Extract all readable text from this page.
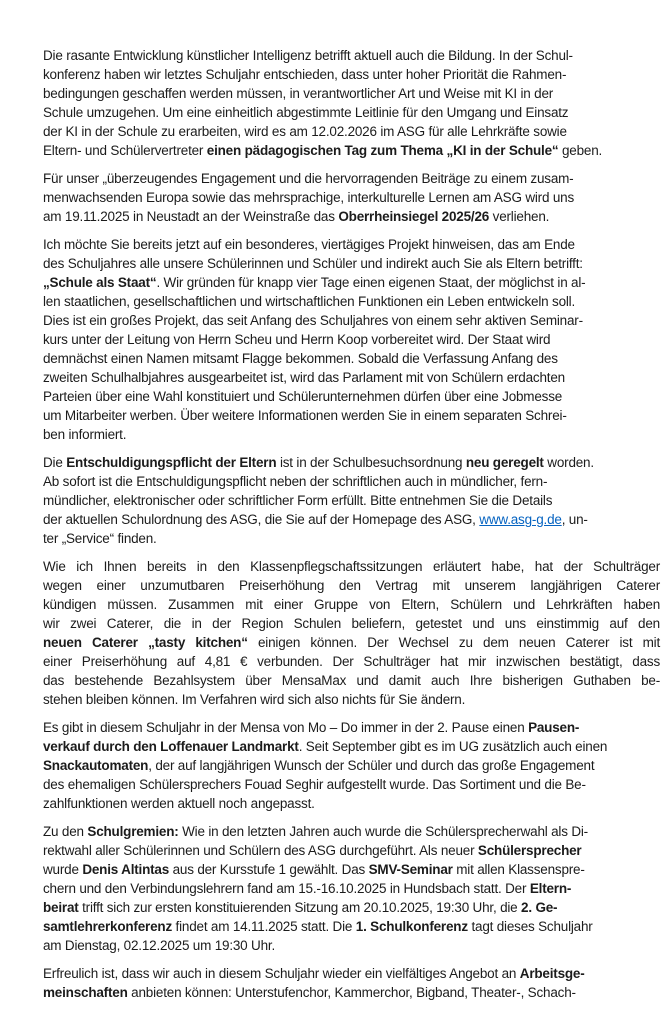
Die rasante Entwicklung künstlicher Intelligenz betrifft aktuell auch die Bildung. In der Schul-
konferenz haben wir letztes Schuljahr entschieden, dass unter hoher Priorität die Rahmen-
bedingungen geschaffen werden müssen, in verantwortlicher Art und Weise mit KI in der
Schule umzugehen. Um eine einheitlich abgestimmte Leitlinie für den Umgang und Einsatz
der KI in der Schule zu erarbeiten, wird es am 12.02.2026 im ASG für alle Lehrkräfte sowie
Eltern- und Schülervertreter einen pädagogischen Tag zum Thema „KI in der Schule“ geben.
Für unser „überzeugendes Engagement und die hervorragenden Beiträge zu einem zusam-
menwachsenden Europa sowie das mehrsprachige, interkulturelle Lernen am ASG wird uns
am 19.11.2025 in Neustadt an der Weinstraße das Oberrheinsiegel 2025/26 verliehen.
Ich möchte Sie bereits jetzt auf ein besonderes, viertägiges Projekt hinweisen, das am Ende
des Schuljahres alle unsere Schülerinnen und Schüler und indirekt auch Sie als Eltern betrifft:
„Schule als Staat“. Wir gründen für knapp vier Tage einen eigenen Staat, der möglichst in al-
len staatlichen, gesellschaftlichen und wirtschaftlichen Funktionen ein Leben entwickeln soll.
Dies ist ein großes Projekt, das seit Anfang des Schuljahres von einem sehr aktiven Seminar-
kurs unter der Leitung von Herrn Scheu und Herrn Koop vorbereitet wird. Der Staat wird
demnächst einen Namen mitsamt Flagge bekommen. Sobald die Verfassung Anfang des
zweiten Schulhalbjahres ausgearbeitet ist, wird das Parlament mit von Schülern erdachten
Parteien über eine Wahl konstituiert und Schülerunternehmen dürfen über eine Jobmesse
um Mitarbeiter werben. Über weitere Informationen werden Sie in einem separaten Schrei-
ben informiert.
Die Entschuldigungspflicht der Eltern ist in der Schulbesuchsordnung neu geregelt worden.
Ab sofort ist die Entschuldigungspflicht neben der schriftlichen auch in mündlicher, fern-
mündlicher, elektronischer oder schriftlicher Form erfüllt. Bitte entnehmen Sie die Details
der aktuellen Schulordnung des ASG, die Sie auf der Homepage des ASG, www.asg-g.de, un-
ter „Service“ finden.
Wie ich Ihnen bereits in den Klassenpflegschaftssitzungen erläutert habe, hat der Schulträger
wegen einer unzumutbaren Preiserhöhung den Vertrag mit unserem langjährigen Caterer
kündigen müssen. Zusammen mit einer Gruppe von Eltern, Schülern und Lehrkräften haben
wir zwei Caterer, die in der Region Schulen beliefern, getestet und uns einstimmig auf den
neuen Caterer „tasty kitchen“ einigen können. Der Wechsel zu dem neuen Caterer ist mit
einer Preiserhöhung auf 4,81 € verbunden. Der Schulträger hat mir inzwischen bestätigt, dass
das bestehende Bezahlsystem über MensaMax und damit auch Ihre bisherigen Guthaben be-
stehen bleiben können. Im Verfahren wird sich also nichts für Sie ändern.
Es gibt in diesem Schuljahr in der Mensa von Mo – Do immer in der 2. Pause einen Pausen-
verkauf durch den Loffenauer Landmarkt. Seit September gibt es im UG zusätzlich auch einen
Snackautomaten, der auf langjährigen Wunsch der Schüler und durch das große Engagement
des ehemaligen Schülersprechers Fouad Seghir aufgestellt wurde. Das Sortiment und die Be-
zahlfunktionen werden aktuell noch angepasst.
Zu den Schulgremien: Wie in den letzten Jahren auch wurde die Schülersprecherwahl als Di-
rektwahl aller Schülerinnen und Schülern des ASG durchgeführt. Als neuer Schülersprecher
wurde Denis Altintas aus der Kursstufe 1 gewählt. Das SMV-Seminar mit allen Klassenspre-
chern und den Verbindungslehrern fand am 15.-16.10.2025 in Hundsbach statt. Der Eltern-
beirat trifft sich zur ersten konstituierenden Sitzung am 20.10.2025, 19:30 Uhr, die 2. Ge-
samtlehrerkonferenz findet am 14.11.2025 statt. Die 1. Schulkonferenz tagt dieses Schuljahr
am Dienstag, 02.12.2025 um 19:30 Uhr.
Erfreulich ist, dass wir auch in diesem Schuljahr wieder ein vielfältiges Angebot an Arbeitsge-
meinschaften anbieten können: Unterstufenchor, Kammerchor, Bigband, Theater-, Schach-
